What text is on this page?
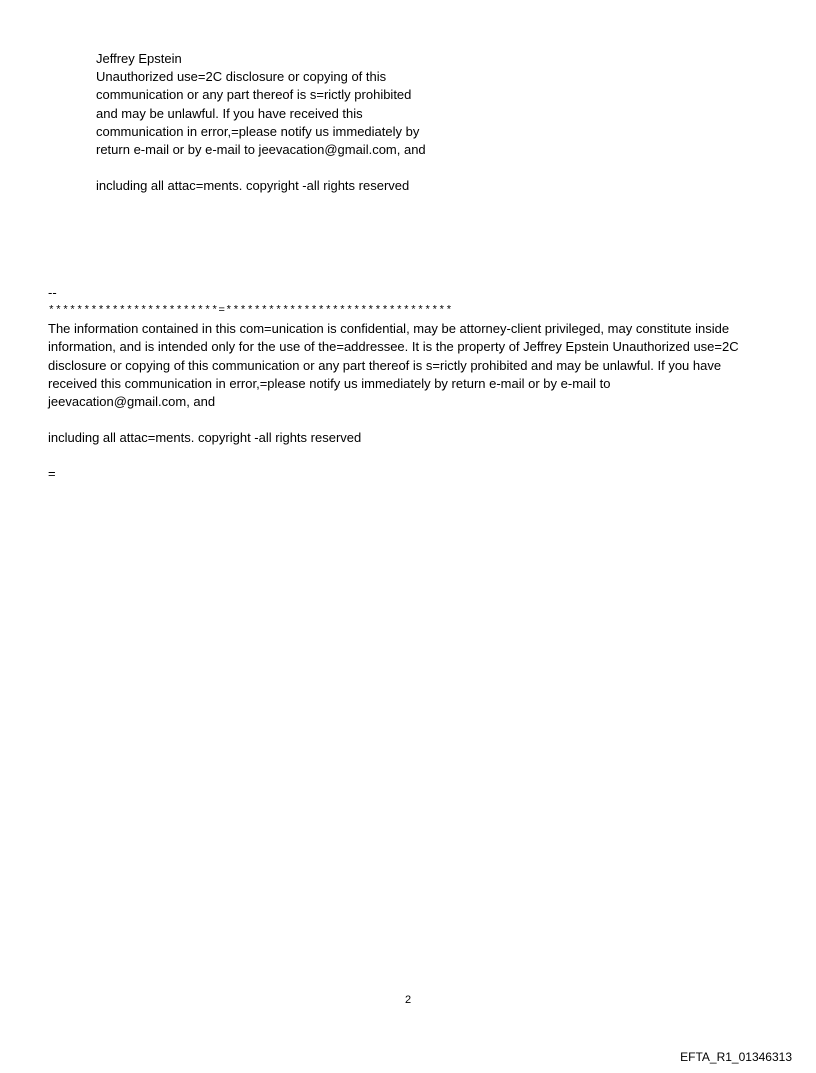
Jeffrey Epstein
Unauthorized use=2C disclosure or copying of this
communication or any part thereof is s=rictly prohibited
and may be unlawful. If you have received this
communication in error,=please notify us immediately by
return e-mail or by e-mail to jeevacation@gmail.com, and
including all attac=ments. copyright -all rights reserved
--
************************=********************************
The information contained in this com=unication is confidential, may be attorney-client privileged, may constitute inside
information, and is intended only for the use of the=addressee. It is the property of Jeffrey Epstein Unauthorized use=2C
disclosure or copying of this communication or any part thereof is s=rictly prohibited and may be unlawful. If you have
received this communication in error,=please notify us immediately by return e-mail or by e-mail to
jeevacation@gmail.com, and
including all attac=ments. copyright -all rights reserved
=
2
EFTA_R1_01346313
